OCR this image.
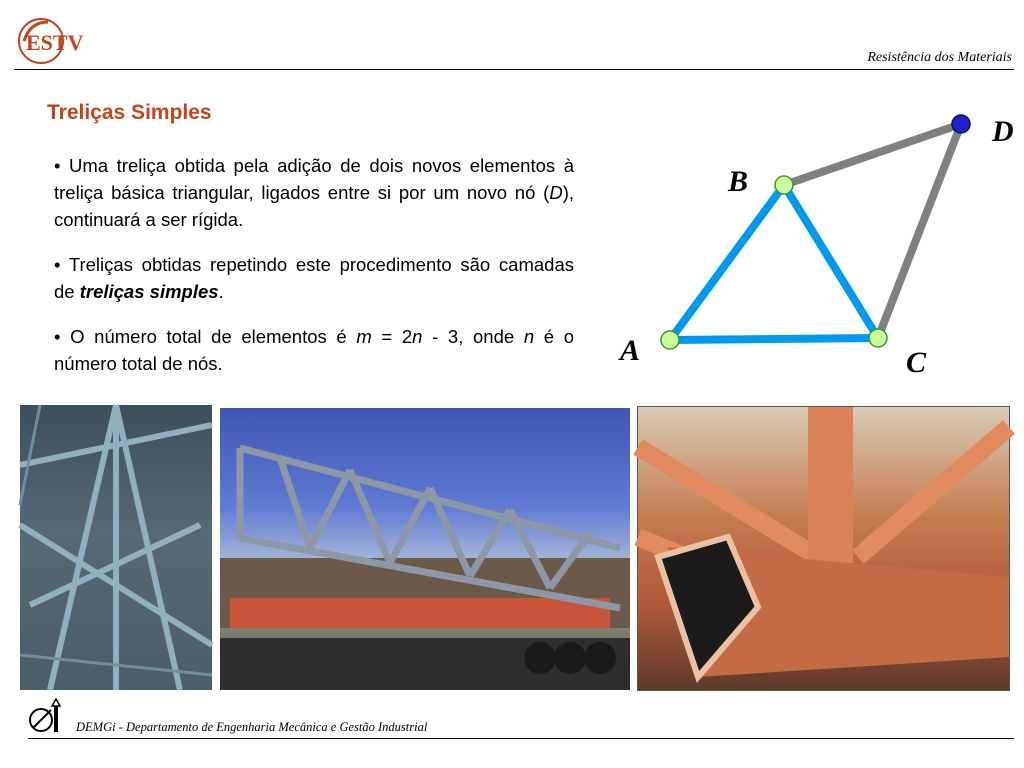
ESTV
Resistência dos Materiais
Treliças Simples

• Uma treliça obtida pela adição de dois novos elementos à treliça básica triangular, ligados entre si por um novo nó (D), continuará a ser rígida.

• Treliças obtidas repetindo este procedimento são camadas de treliças simples.

• O número total de elementos é m = 2n - 3, onde n é o número total de nós.	A
B
C
D
DEMGi - Departamento de Engenharia Mecânica e Gestão Industrial
